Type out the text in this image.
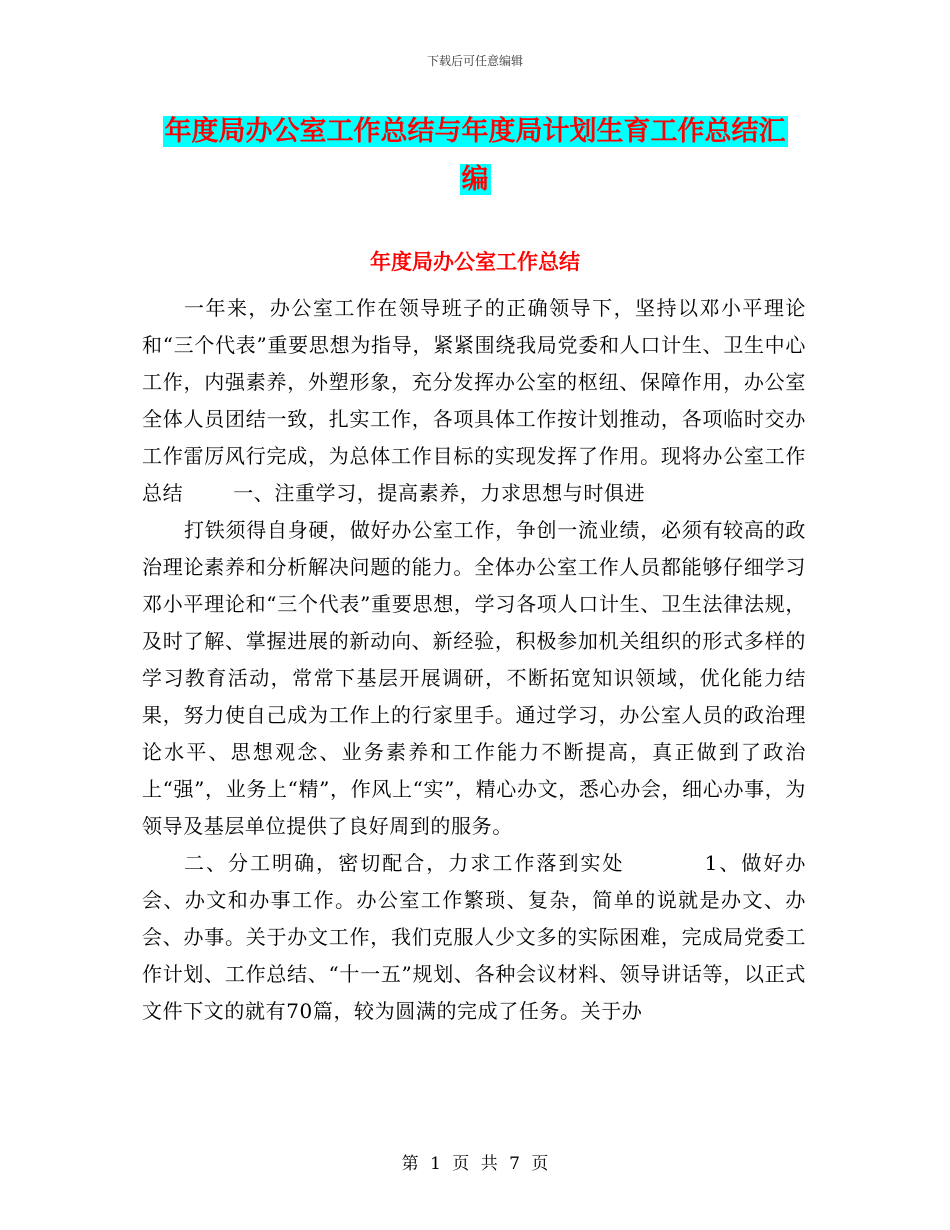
下载后可任意编辑
年度局办公室工作总结与年度局计划生育工作总结汇
编
年度局办公室工作总结

一年来，办公室工作在领导班子的正确领导下，坚持以邓小平理论和“三个代表”重要思想为指导，紧紧围绕我局党委和人口计生、卫生中心工作，内强素养，外塑形象，充分发挥办公室的枢纽、保障作用，办公室全体人员团结一致，扎实工作，各项具体工作按计划推动，各项临时交办工作雷厉风行完成，为总体工作目标的实现发挥了作用。现将办公室工作总结	一、注重学习，提高素养，力求思想与时俱进

打铁须得自身硬，做好办公室工作，争创一流业绩，必须有较高的政治理论素养和分析解决问题的能力。全体办公室工作人员都能够仔细学习邓小平理论和“三个代表”重要思想，学习各项人口计生、卫生法律法规，及时了解、掌握进展的新动向、新经验，积极参加机关组织的形式多样的学习教育活动，常常下基层开展调研，不断拓宽知识领域，优化能力结果，努力使自己成为工作上的行家里手。通过学习，办公室人员的政治理论水平、思想观念、业务素养和工作能力不断提高，真正做到了政治上“强”，业务上“精”，作风上“实”，精心办文，悉心办会，细心办事，为领导及基层单位提供了良好周到的服务。

二、分工明确，密切配合，力求工作落到实处	1、做好办会、办文和办事工作。办公室工作繁琐、复杂，简单的说就是办文、办会、办事。关于办文工作，我们克服人少文多的实际困难，完成局党委工作计划、工作总结、“十一五”规划、各种会议材料、领导讲话等，以正式文件下文的就有70篇，较为圆满的完成了任务。关于办

第 1 页 共 7 页
